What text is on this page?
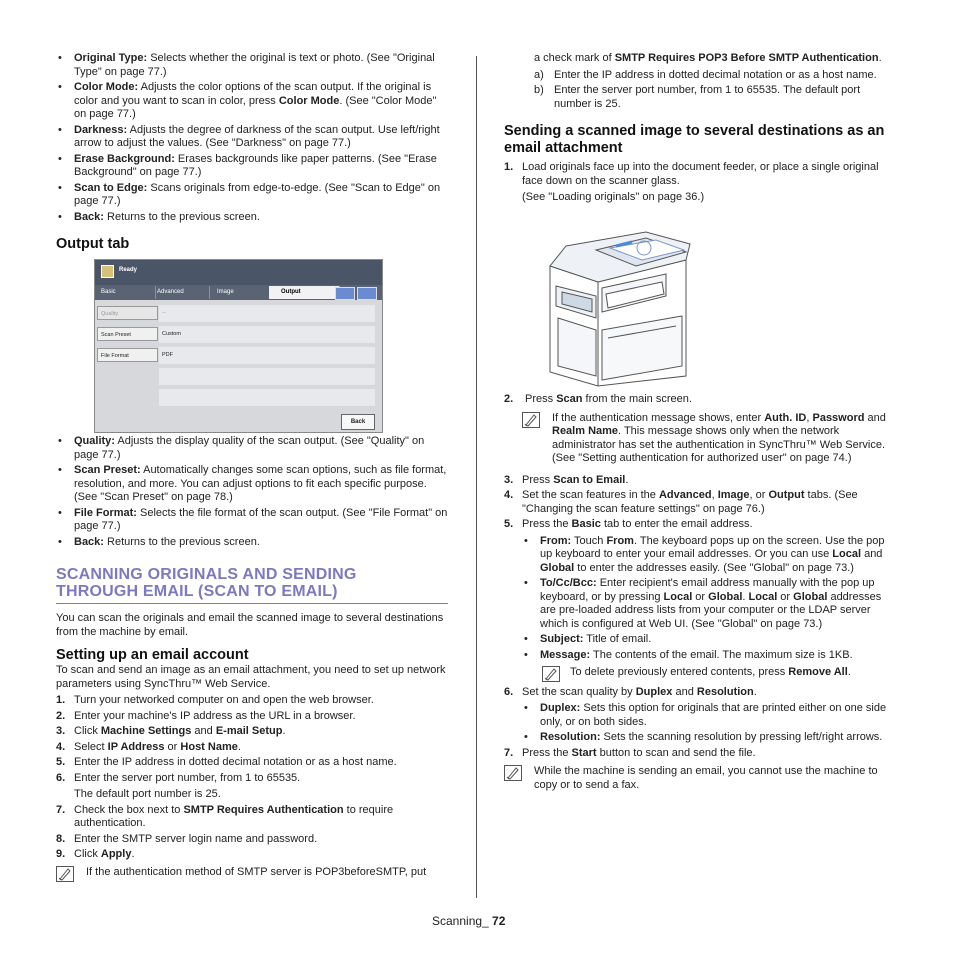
• Original Type: Selects whether the original is text or photo. (See "Original Type" on page 77.)
• Color Mode: Adjusts the color options of the scan output. If the original is color and you want to scan in color, press Color Mode. (See "Color Mode" on page 77.)
• Darkness: Adjusts the degree of darkness of the scan output. Use left/right arrow to adjust the values. (See "Darkness" on page 77.)
• Erase Background: Erases backgrounds like paper patterns. (See "Erase Background" on page 77.)
• Scan to Edge: Scans originals from edge-to-edge. (See "Scan to Edge" on page 77.)
• Back: Returns to the previous screen.
Output tab
Ready
Basic	Advanced	Image	Output
Quality	--
Scan Preset	Custom
File Format	PDF
Back
• Quality: Adjusts the display quality of the scan output. (See "Quality" on page 77.)
• Scan Preset: Automatically changes some scan options, such as file format, resolution, and more. You can adjust options to fit each specific purpose. (See "Scan Preset" on page 78.)
• File Format: Selects the file format of the scan output. (See "File Format" on page 77.)
• Back: Returns to the previous screen.
SCANNING ORIGINALS AND SENDING
THROUGH EMAIL (SCAN TO EMAIL)
You can scan the originals and email the scanned image to several destinations from the machine by email.
Setting up an email account
To scan and send an image as an email attachment, you need to set up network parameters using SyncThru™ Web Service.
1. Turn your networked computer on and open the web browser.
2. Enter your machine's IP address as the URL in a browser.
3. Click Machine Settings and E-mail Setup.
4. Select IP Address or Host Name.
5. Enter the IP address in dotted decimal notation or as a host name.
6. Enter the server port number, from 1 to 65535.
The default port number is 25.
7. Check the box next to SMTP Requires Authentication to require authentication.
8. Enter the SMTP server login name and password.
9. Click Apply.
If the authentication method of SMTP server is POP3beforeSMTP, put
a check mark of SMTP Requires POP3 Before SMTP Authentication.
a) Enter the IP address in dotted decimal notation or as a host name.
b) Enter the server port number, from 1 to 65535. The default port number is 25.
Sending a scanned image to several destinations as an email attachment
1. Load originals face up into the document feeder, or place a single original face down on the scanner glass.
(See "Loading originals" on page 36.)
2. Press Scan from the main screen.
If the authentication message shows, enter Auth. ID, Password and Realm Name. This message shows only when the network administrator has set the authentication in SyncThru™ Web Service. (See "Setting authentication for authorized user" on page 74.)
3. Press Scan to Email.
4. Set the scan features in the Advanced, Image, or Output tabs. (See "Changing the scan feature settings" on page 76.)
5. Press the Basic tab to enter the email address.
• From: Touch From. The keyboard pops up on the screen. Use the pop up keyboard to enter your email addresses. Or you can use Local and Global to enter the addresses easily. (See "Global" on page 73.)
• To/Cc/Bcc: Enter recipient's email address manually with the pop up keyboard, or by pressing Local or Global. Local or Global addresses are pre-loaded address lists from your computer or the LDAP server which is configured at Web UI. (See "Global" on page 73.)
• Subject: Title of email.
• Message: The contents of the email. The maximum size is 1KB.
To delete previously entered contents, press Remove All.
6. Set the scan quality by Duplex and Resolution.
• Duplex: Sets this option for originals that are printed either on one side only, or on both sides.
• Resolution: Sets the scanning resolution by pressing left/right arrows.
7. Press the Start button to scan and send the file.
While the machine is sending an email, you cannot use the machine to copy or to send a fax.
Scanning_ 72
